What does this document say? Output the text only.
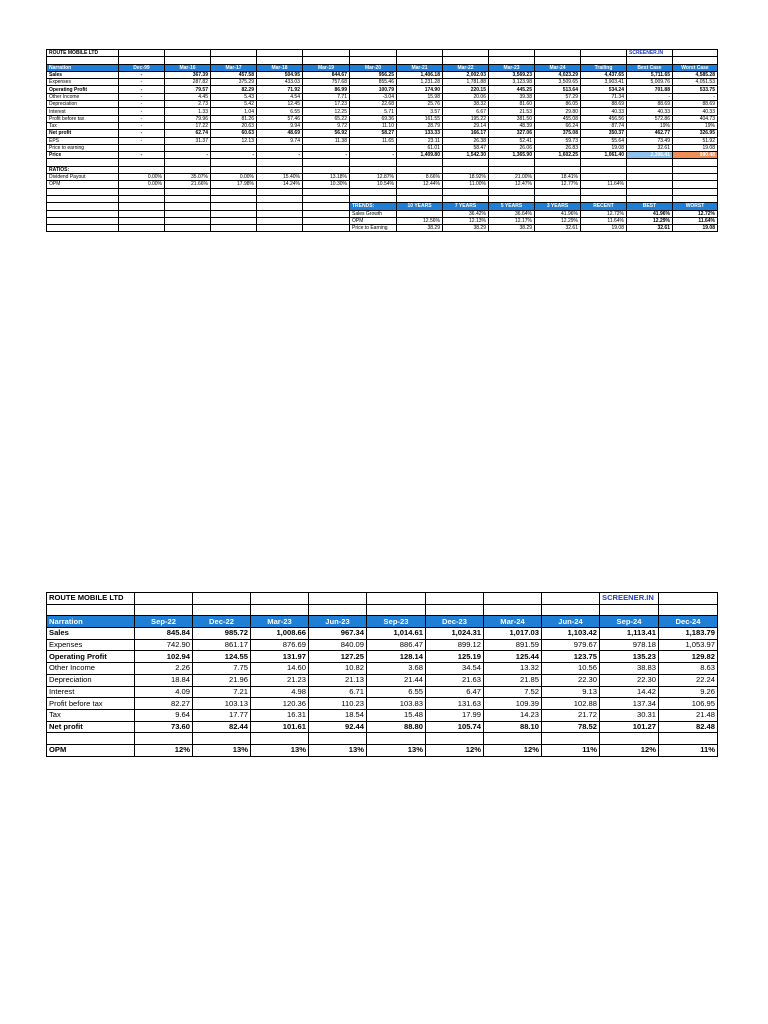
ROUTE MOBILE LTD												SCREENER.IN	

Narration	Dec-99	Mar-16	Mar-17	Mar-18	Mar-19	Mar-20	Mar-21	Mar-22	Mar-23	Mar-24	Trailing	Best Case	Worst Case
Sales	-	367.39	457.58	504.95	844.67	956.25	1,406.18	2,002.03	3,569.23	4,023.29	4,437.65	5,711.65	4,585.28
Expenses	-	287.82	375.29	433.03	757.68	855.46	1,231.28	1,781.88	3,123.98	3,509.65	3,903.41	5,009.76	4,051.53
Operating Profit	-	79.57	82.29	71.92	86.99	100.79	174.90	220.15	445.25	513.64	534.24	701.88	533.75
Other Income	-	4.45	5.43	4.54	7.71	-3.04	15.98	20.06	39.38	57.29	71.34	-	-
Depreciation	-	2.73	5.42	12.45	17.23	22.68	25.76	38.32	81.60	86.05	88.69	88.69	88.69
Interest	-	1.33	1.04	6.55	12.25	5.71	3.57	6.67	21.53	29.80	40.33	40.33	40.33
Profit before tax	-	79.96	81.26	57.46	65.22	69.36	161.55	195.22	381.50	455.08	456.56	572.86	404.73
Tax	-	17.22	20.63	9.94	9.72	11.10	28.79	29.14	48.39	66.24	87.74	19%	19%
Net profit	-	62.74	60.63	48.69	56.92	58.27	133.33	166.17	327.06	375.08	350.37	462.77	326.95
EPS	-	31.37	12.13	9.74	11.38	11.65	23.11	26.38	52.41	59.73	55.64	73.49	51.92
Price to earning							61.01	58.47	26.06	26.83	19.08	32.61	19.08
Price	-	-	-	-	-	-	1,409.80	1,542.30	1,365.90	1,602.25	1,061.40	2,396.41	990.48

RATIOS:													
Dividend Payout	0.00%	35.07%	0.00%	15.40%	13.18%	12.87%	8.66%	18.92%	21.00%	18.41%			
OPM	0.00%	21.66%	17.98%	14.24%	10.30%	10.54%	12.44%	11.00%	12.47%	12.77%	11.64%		

						TRENDS:	10 YEARS	7 YEARS	5 YEARS	3 YEARS	RECENT	BEST	WORST
						Sales Growth		36.42%	36.64%	41.96%	12.72%	41.96%	12.72%
						OPM	12.56%	12.13%	12.17%	12.29%	11.64%	12.29%	11.64%
						Price to Earning	38.29	38.29	38.29	32.61	19.08	32.61	19.08
ROUTE MOBILE LTD									SCREENER.IN	

Narration	Sep-22	Dec-22	Mar-23	Jun-23	Sep-23	Dec-23	Mar-24	Jun-24	Sep-24	Dec-24
Sales	845.84	985.72	1,008.66	967.34	1,014.61	1,024.31	1,017.03	1,103.42	1,113.41	1,183.79
Expenses	742.90	861.17	876.69	840.09	886.47	899.12	891.59	979.67	978.18	1,053.97
Operating Profit	102.94	124.55	131.97	127.25	128.14	125.19	125.44	123.75	135.23	129.82
Other Income	2.26	7.75	14.60	10.82	3.68	34.54	13.32	10.56	38.83	8.63
Depreciation	18.84	21.96	21.23	21.13	21.44	21.63	21.85	22.30	22.30	22.24
Interest	4.09	7.21	4.98	6.71	6.55	6.47	7.52	9.13	14.42	9.26
Profit before tax	82.27	103.13	120.36	110.23	103.83	131.63	109.39	102.88	137.34	106.95
Tax	9.64	17.77	16.31	18.54	15.48	17.99	14.23	21.72	30.31	21.48
Net profit	73.60	82.44	101.61	92.44	88.80	105.74	88.10	78.52	101.27	82.48

OPM	12%	13%	13%	13%	13%	12%	12%	11%	12%	11%
